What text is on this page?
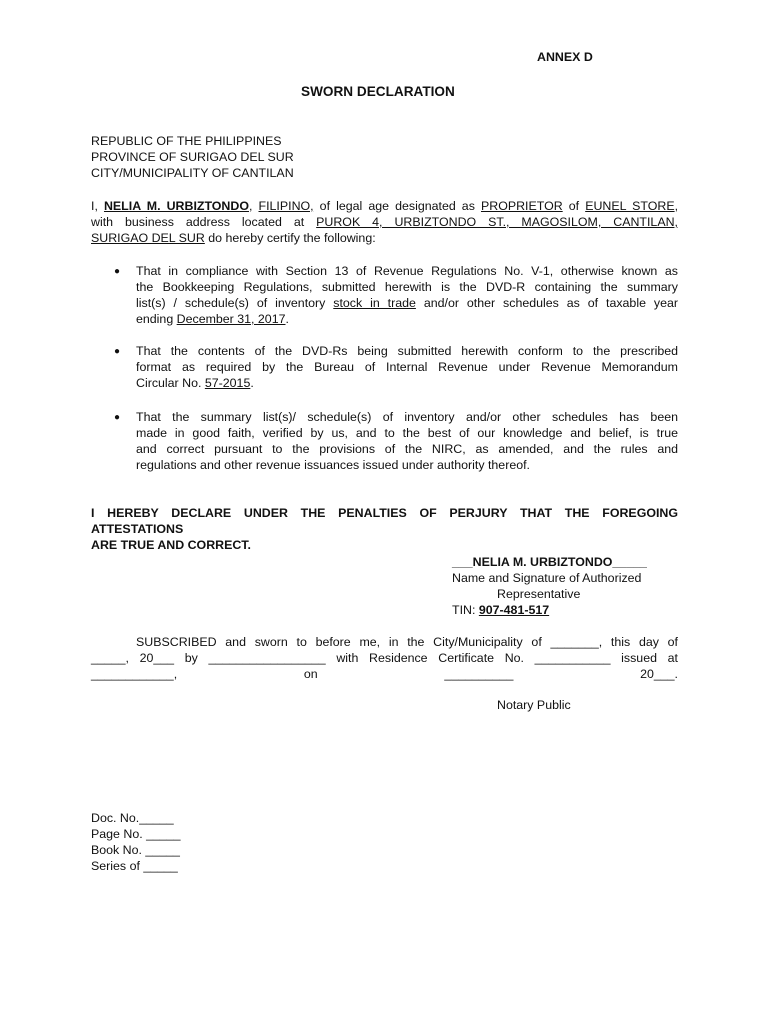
ANNEX D
SWORN DECLARATION
REPUBLIC OF THE PHILIPPINES
PROVINCE OF SURIGAO DEL SUR
CITY/MUNICIPALITY OF CANTILAN
I, NELIA M. URBIZTONDO, FILIPINO, of legal age designated as PROPRIETOR of EUNEL STORE,
with business address located at PUROK 4, URBIZTONDO ST., MAGOSILOM, CANTILAN,
SURIGAO DEL SUR do hereby certify the following:
● That in compliance with Section 13 of Revenue Regulations No. V-1, otherwise known as
the Bookkeeping Regulations, submitted herewith is the DVD-R containing the summary
list(s) / schedule(s) of inventory stock in trade and/or other schedules as of taxable year
ending December 31, 2017.
● That the contents of the DVD-Rs being submitted herewith conform to the prescribed
format as required by the Bureau of Internal Revenue under Revenue Memorandum
Circular No. 57-2015.
● That the summary list(s)/ schedule(s) of inventory and/or other schedules has been
made in good faith, verified by us, and to the best of our knowledge and belief, is true
and correct pursuant to the provisions of the NIRC, as amended, and the rules and
regulations and other revenue issuances issued under authority thereof.
I HEREBY DECLARE UNDER THE PENALTIES OF PERJURY THAT THE FOREGOING ATTESTATIONS
ARE TRUE AND CORRECT.
___NELIA M. URBIZTONDO_____
Name and Signature of Authorized
Representative
TIN: 907-481-517
SUBSCRIBED and sworn to before me, in the City/Municipality of _______, this day of
_____, 20___ by _________________ with Residence Certificate No. ___________ issued at
____________, on __________ 20___.
Notary Public
Doc. No._____
Page No. _____
Book No. _____
Series of _____
